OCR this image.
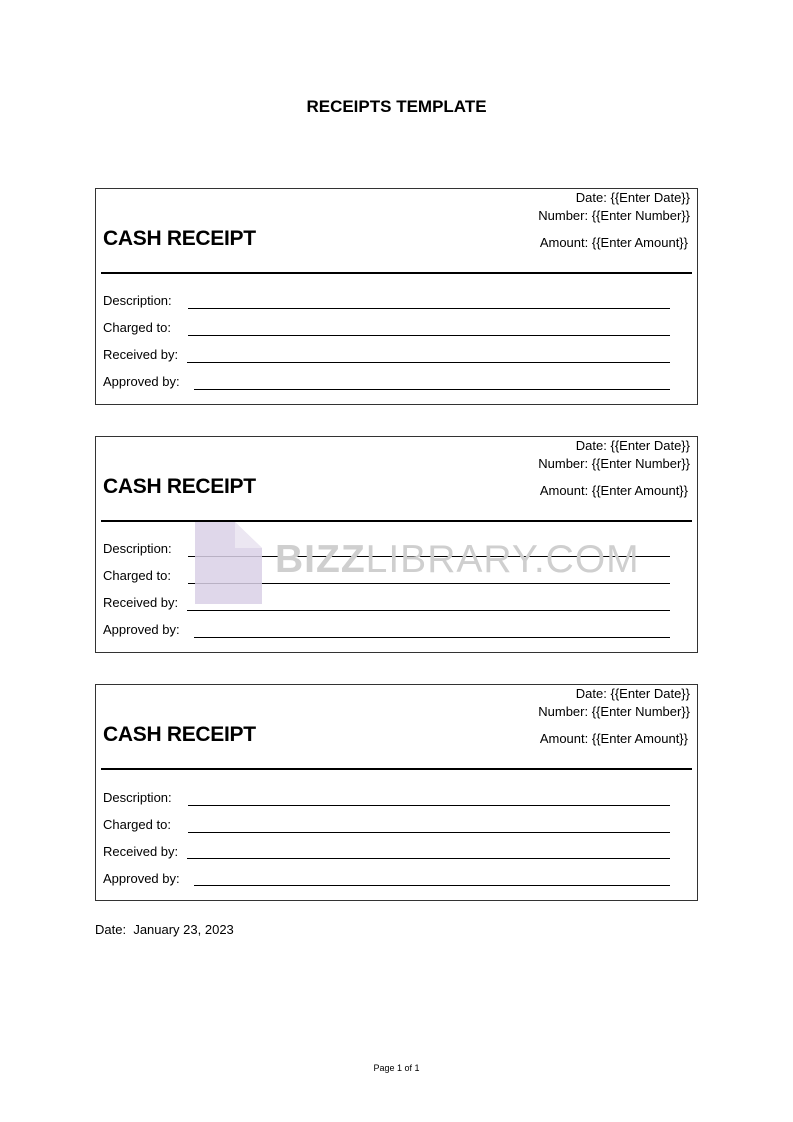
RECEIPTS TEMPLATE
Date: {{Enter Date}}
Number: {{Enter Number}}
CASH RECEIPT	Amount: {{Enter Amount}}
Description:
Charged to:
Received by:
Approved by:
Date: {{Enter Date}}
Number: {{Enter Number}}
CASH RECEIPT	Amount: {{Enter Amount}}
Description:
Charged to:
Received by:
Approved by:
Date: {{Enter Date}}
Number: {{Enter Number}}
CASH RECEIPT	Amount: {{Enter Amount}}
Description:
Charged to:
Received by:
Approved by:
BIZZLIBRARY.COM
Date: January 23, 2023
Page 1 of 1
